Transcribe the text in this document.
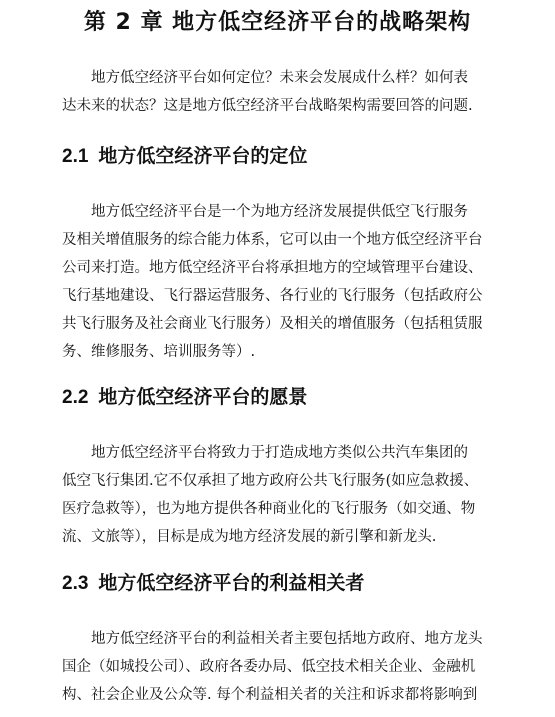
第 2 章 地方低空经济平台的战略架构

地方低空经济平台如何定位？未来会发展成什么样？如何表
达未来的状态？这是地方低空经济平台战略架构需要回答的问题.

2.1 地方低空经济平台的定位

地方低空经济平台是一个为地方经济发展提供低空飞行服务
及相关增值服务的综合能力体系，它可以由一个地方低空经济平台
公司来打造。地方低空经济平台将承担地方的空域管理平台建设、
飞行基地建设、飞行器运营服务、各行业的飞行服务（包括政府公
共飞行服务及社会商业飞行服务）及相关的增值服务（包括租赁服
务、维修服务、培训服务等）.

2.2 地方低空经济平台的愿景

地方低空经济平台将致力于打造成地方类似公共汽车集团的
低空飞行集团.它不仅承担了地方政府公共飞行服务(如应急救援、
医疗急救等），也为地方提供各种商业化的飞行服务（如交通、物
流、文旅等），目标是成为地方经济发展的新引擎和新龙头.

2.3 地方低空经济平台的利益相关者

地方低空经济平台的利益相关者主要包括地方政府、地方龙头
国企（如城投公司）、政府各委办局、低空技术相关企业、金融机
构、社会企业及公众等. 每个利益相关者的关注和诉求都将影响到
